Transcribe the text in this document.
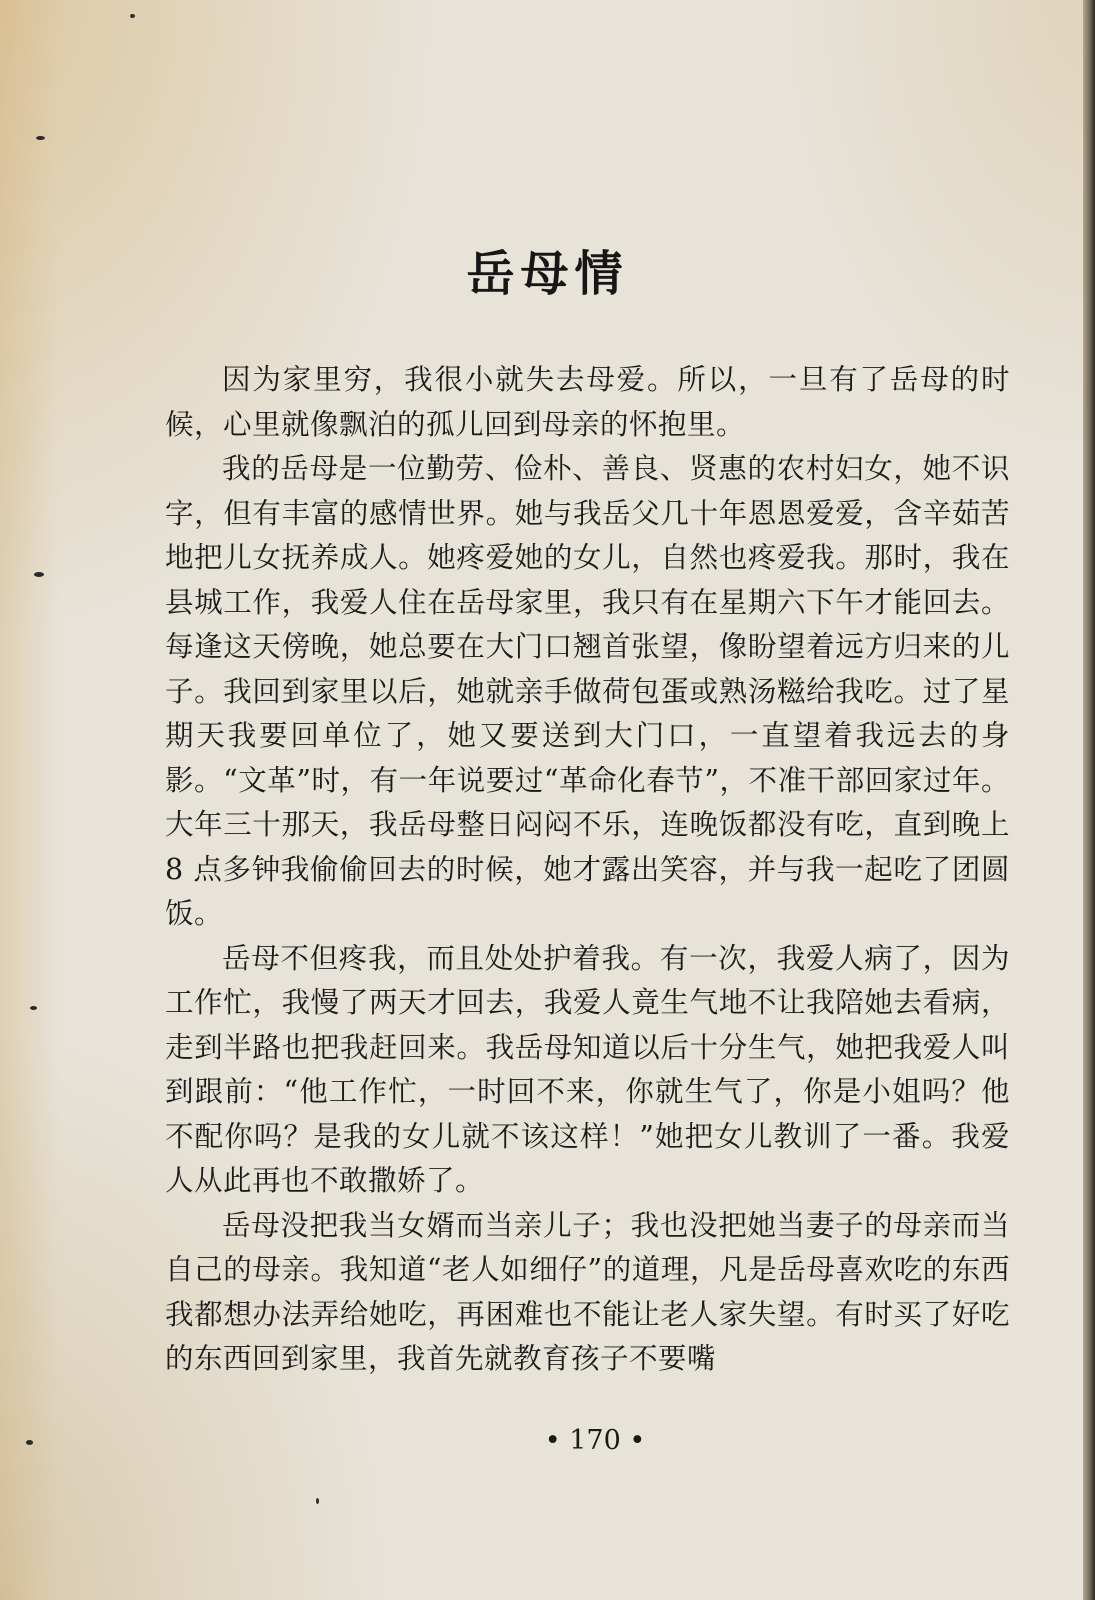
岳母情

因为家里穷，我很小就失去母爱。所以，一旦有了岳母的时候，心里就像飘泊的孤儿回到母亲的怀抱里。

我的岳母是一位勤劳、俭朴、善良、贤惠的农村妇女，她不识字，但有丰富的感情世界。她与我岳父几十年恩恩爱爱，含辛茹苦地把儿女抚养成人。她疼爱她的女儿，自然也疼爱我。那时，我在县城工作，我爱人住在岳母家里，我只有在星期六下午才能回去。每逢这天傍晚，她总要在大门口翘首张望，像盼望着远方归来的儿子。我回到家里以后，她就亲手做荷包蛋或熟汤糍给我吃。过了星期天我要回单位了，她又要送到大门口，一直望着我远去的身影。“文革”时，有一年说要过“革命化春节”，不准干部回家过年。大年三十那天，我岳母整日闷闷不乐，连晚饭都没有吃，直到晚上 8 点多钟我偷偷回去的时候，她才露出笑容，并与我一起吃了团圆饭。

岳母不但疼我，而且处处护着我。有一次，我爱人病了，因为工作忙，我慢了两天才回去，我爱人竟生气地不让我陪她去看病，走到半路也把我赶回来。我岳母知道以后十分生气，她把我爱人叫到跟前：“他工作忙，一时回不来，你就生气了，你是小姐吗？他不配你吗？是我的女儿就不该这样！”她把女儿教训了一番。我爱人从此再也不敢撒娇了。

岳母没把我当女婿而当亲儿子；我也没把她当妻子的母亲而当自己的母亲。我知道“老人如细仔”的道理，凡是岳母喜欢吃的东西我都想办法弄给她吃，再困难也不能让老人家失望。有时买了好吃的东西回到家里，我首先就教育孩子不要嘴

• 170 •
